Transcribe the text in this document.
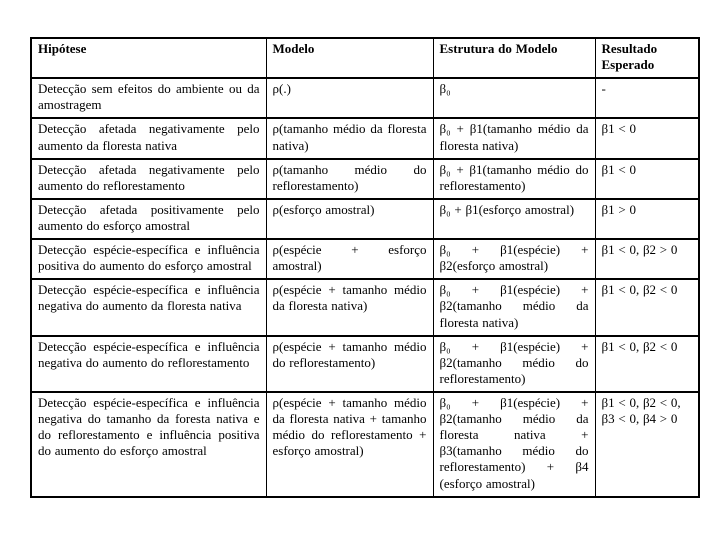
Hipótese	Modelo	Estrutura do Modelo	Resultado Esperado
Detecção sem efeitos do ambiente ou da amostragem	ρ(.)	β₀	-
Detecção afetada negativamente pelo aumento da floresta nativa	ρ(tamanho médio da floresta nativa)	β₀ + β1(tamanho médio da floresta nativa)	β1 < 0
Detecção afetada negativamente pelo aumento do reflorestamento	ρ(tamanho médio do reflorestamento)	β₀ + β1(tamanho médio do reflorestamento)	β1 < 0
Detecção afetada positivamente pelo aumento do esforço amostral	ρ(esforço amostral)	β₀ + β1(esforço amostral)	β1 > 0
Detecção espécie-específica e influência positiva do aumento do esforço amostral	ρ(espécie + esforço amostral)	β₀ + β1(espécie) + β2(esforço amostral)	β1 < 0, β2 > 0
Detecção espécie-específica e influência negativa do aumento da floresta nativa	ρ(espécie + tamanho médio da floresta nativa)	β₀ + β1(espécie) + β2(tamanho médio da floresta nativa)	β1 < 0, β2 < 0
Detecção espécie-específica e influência negativa do aumento do reflorestamento	ρ(espécie + tamanho médio do reflorestamento)	β₀ + β1(espécie) + β2(tamanho médio do reflorestamento)	β1 < 0, β2 < 0
Detecção espécie-específica e influência negativa do tamanho da foresta nativa e do reflorestamento e influência positiva do aumento do esforço amostral	ρ(espécie + tamanho médio da floresta nativa + tamanho médio do reflorestamento + esforço amostral)	β₀ + β1(espécie) + β2(tamanho médio da floresta nativa + β3(tamanho médio do reflorestamento) + β4 (esforço amostral)	β1 < 0, β2 < 0, β3 < 0, β4 > 0
